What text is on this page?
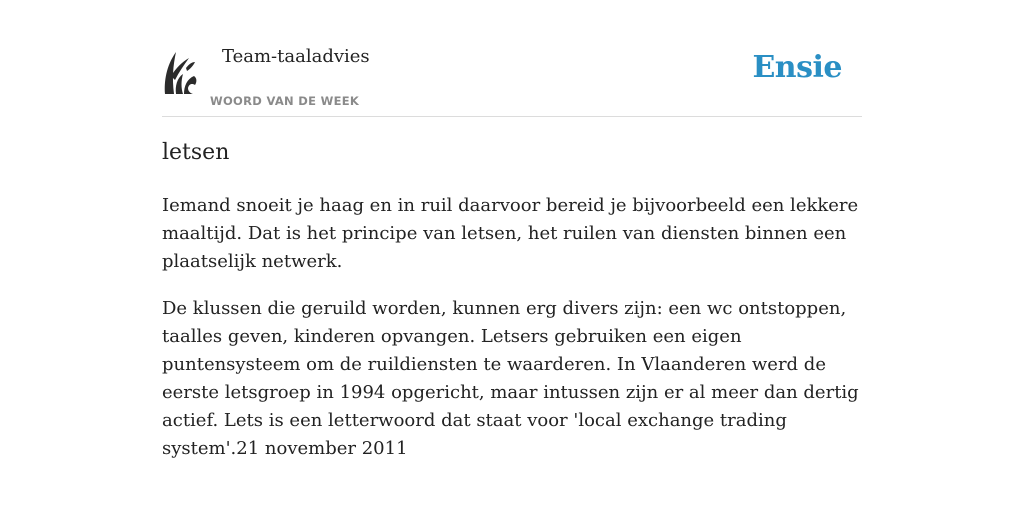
Team-taaladvies
WOORD VAN DE WEEK
Ensie
letsen

Iemand snoeit je haag en in ruil daarvoor bereid je bijvoorbeeld een lekkere maaltijd. Dat is het principe van letsen, het ruilen van diensten binnen een plaatselijk netwerk.

De klussen die geruild worden, kunnen erg divers zijn: een wc ontstoppen, taalles geven, kinderen opvangen. Letsers gebruiken een eigen puntensysteem om de ruildiensten te waarderen. In Vlaanderen werd de eerste letsgroep in 1994 opgericht, maar intussen zijn er al meer dan dertig actief. Lets is een letterwoord dat staat voor 'local exchange trading system'.21 november 2011
